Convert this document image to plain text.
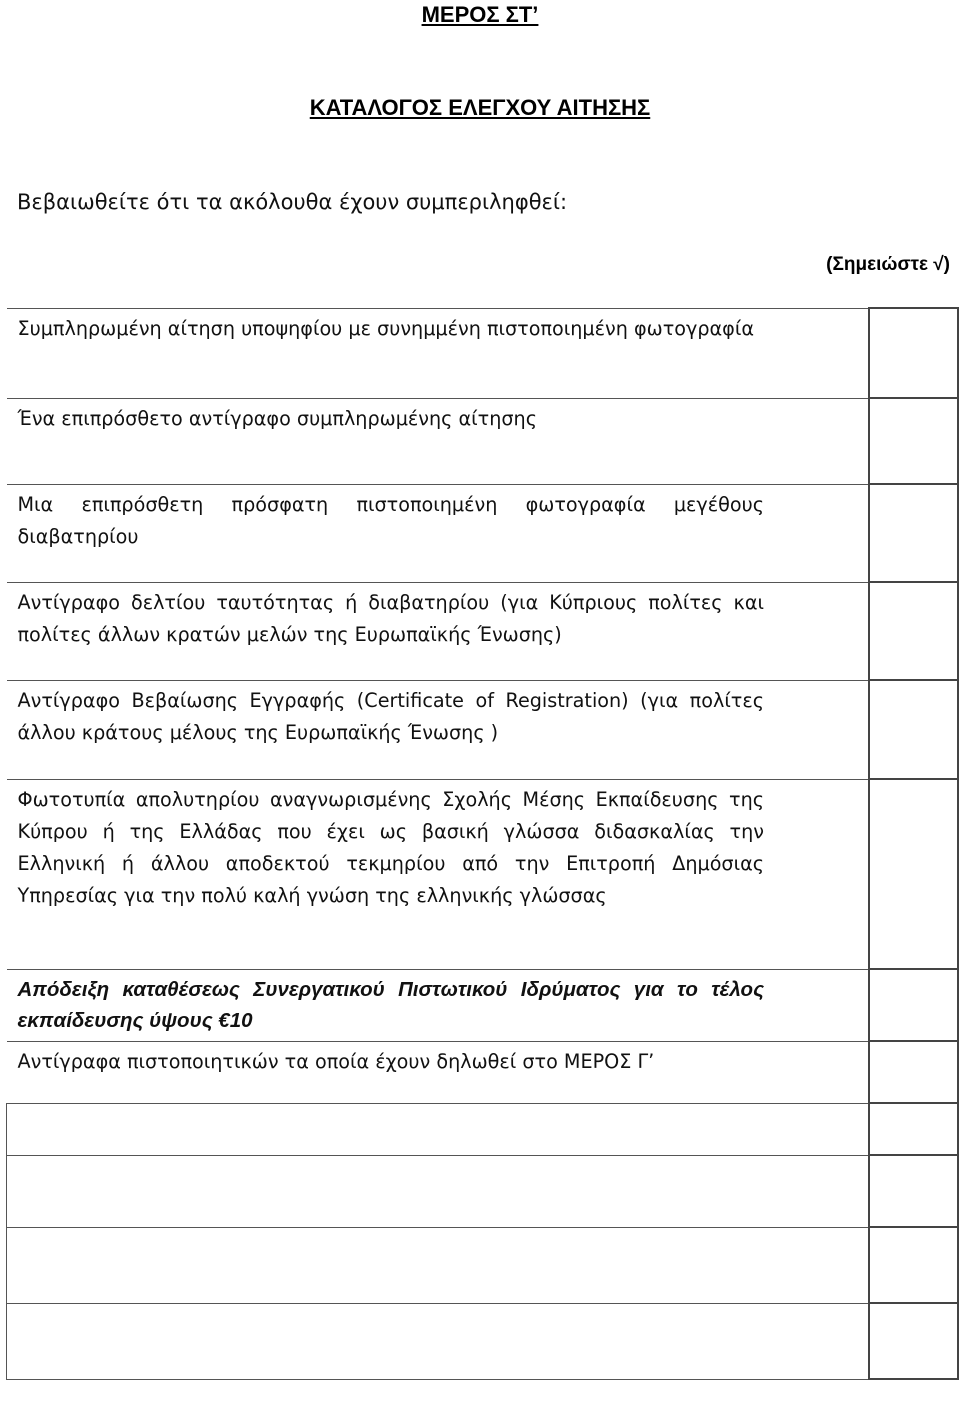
ΜΕΡΟΣ ΣΤ’
ΚΑΤΑΛΟΓΟΣ ΕΛΕΓΧΟΥ ΑΙΤΗΣΗΣ
Βεβαιωθείτε ότι τα ακόλουθα έχουν συμπεριληφθεί:
(Σημειώστε √)
Συμπληρωμένη αίτηση υποψηφίου με συνημμένη πιστοποιημένη φωτογραφία	
Ένα επιπρόσθετο αντίγραφο συμπληρωμένης αίτησης	
Μια επιπρόσθετη πρόσφατη πιστοποιημένη φωτογραφία μεγέθους διαβατηρίου	
Αντίγραφο δελτίου ταυτότητας ή διαβατηρίου (για Κύπριους πολίτες και πολίτες άλλων κρατών μελών της Ευρωπαϊκής Ένωσης)	
Αντίγραφο Βεβαίωσης Εγγραφής (Certificate of Registration) (για πολίτες άλλου κράτους μέλους της Ευρωπαϊκής Ένωσης )	
Φωτοτυπία απολυτηρίου αναγνωρισμένης Σχολής Μέσης Εκπαίδευσης της Κύπρου ή της Ελλάδας που έχει ως βασική γλώσσα διδασκαλίας την Ελληνική ή άλλου αποδεκτού τεκμηρίου από την Επιτροπή Δημόσιας Υπηρεσίας για την πολύ καλή γνώση της ελληνικής γλώσσας	
Απόδειξη καταθέσεως Συνεργατικού Πιστωτικού Ιδρύματος για το τέλος εκπαίδευσης ύψους €10	
Αντίγραφα πιστοποιητικών τα οποία έχουν δηλωθεί στο ΜΕΡΟΣ Γ’	
